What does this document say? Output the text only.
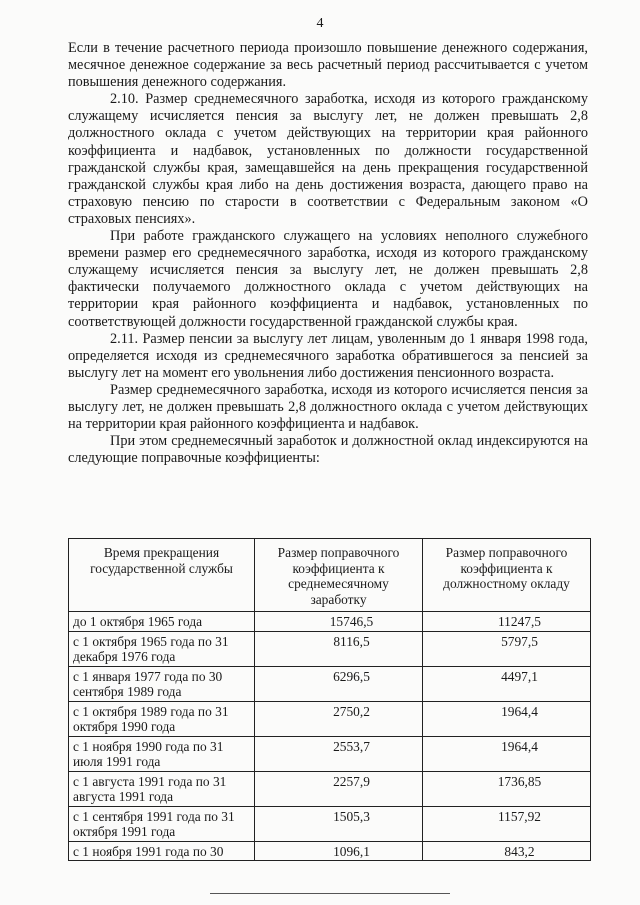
4

Если в течение расчетного периода произошло повышение денежного содержания, месячное денежное содержание за весь расчетный период рассчитывается с учетом повышения денежного содержания.

2.10. Размер среднемесячного заработка, исходя из которого гражданскому служащему исчисляется пенсия за выслугу лет, не должен превышать 2,8 должностного оклада с учетом действующих на территории края районного коэффициента и надбавок, установленных по должности государственной гражданской службы края, замещавшейся на день прекращения государственной гражданской службы края либо на день достижения возраста, дающего право на страховую пенсию по старости в соответствии с Федеральным законом «О страховых пенсиях».

При работе гражданского служащего на условиях неполного служебного времени размер его среднемесячного заработка, исходя из которого гражданскому служащему исчисляется пенсия за выслугу лет, не должен превышать 2,8 фактически получаемого должностного оклада с учетом действующих на территории края районного коэффициента и надбавок, установленных по соответствующей должности государственной гражданской службы края.

2.11. Размер пенсии за выслугу лет лицам, уволенным до 1 января 1998 года, определяется исходя из среднемесячного заработка обратившегося за пенсией за выслугу лет на момент его увольнения либо достижения пенсионного возраста.

Размер среднемесячного заработка, исходя из которого исчисляется пенсия за выслугу лет, не должен превышать 2,8 должностного оклада с учетом действующих на территории края районного коэффициента и надбавок.

При этом среднемесячный заработок и должностной оклад индексируются на следующие поправочные коэффициенты:

Время прекращения государственной службы	Размер поправочного коэффициента к среднемесячному заработку	Размер поправочного коэффициента к должностному окладу
до 1 октября 1965 года	15746,5	11247,5
с 1 октября 1965 года по 31 декабря 1976 года	8116,5	5797,5
с 1 января 1977 года по 30 сентября 1989 года	6296,5	4497,1
с 1 октября 1989 года по 31 октября 1990 года	2750,2	1964,4
с 1 ноября 1990 года по 31 июля 1991 года	2553,7	1964,4
с 1 августа 1991 года по 31 августа 1991 года	2257,9	1736,85
с 1 сентября 1991 года по 31 октября 1991 года	1505,3	1157,92
с 1 ноября 1991 года по 30	1096,1	843,2
